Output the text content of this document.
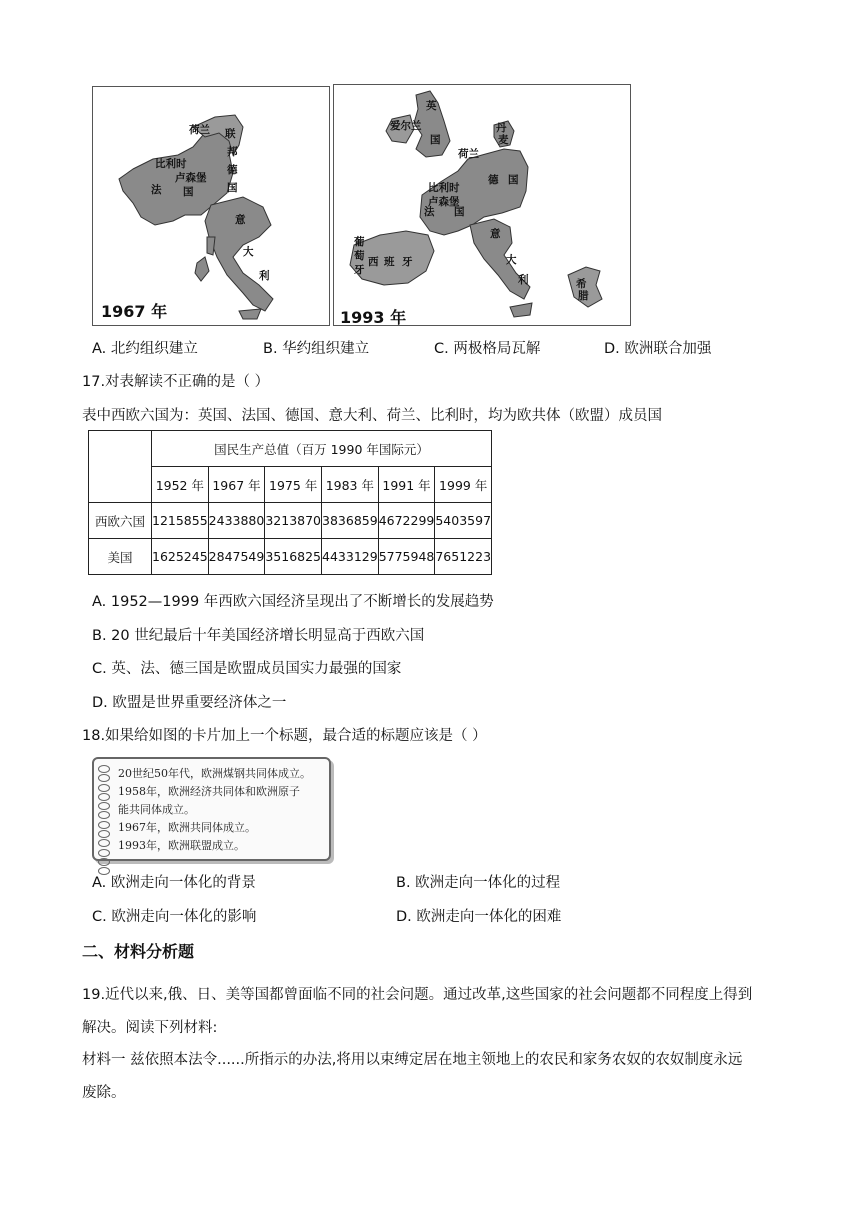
荷兰 联
邦
德
国
比利时
卢森堡
法 国
意
大
利
1967 年
英
国
爱尔兰	丹
麦
荷兰
比利时
卢森堡
德 国
法 国
葡
萄
牙
西 班 牙
意
大
利	希
腊
1993 年
A. 北约组织建立	B. 华约组织建立	C. 两极格局瓦解	D. 欧洲联合加强
17.对表解读不正确的是（ ）
表中西欧六国为：英国、法国、德国、意大利、荷兰、比利时，均为欧共体（欧盟）成员国
	国民生产总值（百万 1990 年国际元）					
	1952 年	1967 年	1975 年	1983 年	1991 年	1999 年
西欧六国	1215855	2433880	3213870	3836859	4672299	5403597
美国	1625245	2847549	3516825	4433129	5775948	7651223
A. 1952—1999 年西欧六国经济呈现出了不断增长的发展趋势
B. 20 世纪最后十年美国经济增长明显高于西欧六国
C. 英、法、德三国是欧盟成员国实力最强的国家
D. 欧盟是世界重要经济体之一
18.如果给如图的卡片加上一个标题，最合适的标题应该是（ ）
20世纪50年代，欧洲煤钢共同体成立。
1958年，欧洲经济共同体和欧洲原子
能共同体成立。
1967年，欧洲共同体成立。
1993年，欧洲联盟成立。
A. 欧洲走向一体化的背景	B. 欧洲走向一体化的过程
C. 欧洲走向一体化的影响	D. 欧洲走向一体化的困难
二、材料分析题
19.近代以来,俄、日、美等国都曾面临不同的社会问题。通过改革,这些国家的社会问题都不同程度上得到
解决。阅读下列材料:
材料一 兹依照本法令......所指示的办法,将用以束缚定居在地主领地上的农民和家务农奴的农奴制度永远
废除。
